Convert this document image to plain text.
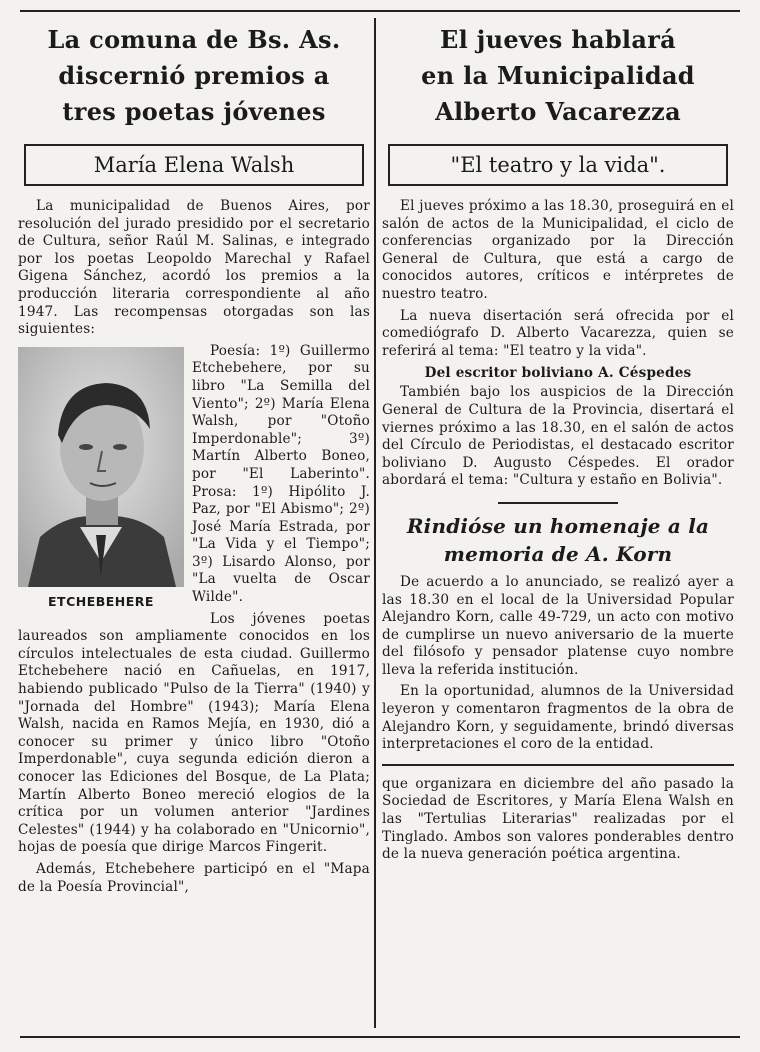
La comuna de Bs. As.
discernió premios a
tres poetas jóvenes
María Elena Walsh

La municipalidad de Buenos Aires, por resolución del jurado presidido por el secretario de Cultura, señor Raúl M. Salinas, e integrado por los poetas Leopoldo Marechal y Rafael Gigena Sánchez, acordó los premios a la producción literaria correspondiente al año 1947. Las recompensas otorgadas son las siguientes:

ETCHEBEHERE

Poesía: 1º) Guillermo Etchebehere, por su libro "La Semilla del Viento"; 2º) María Elena Walsh, por "Otoño Imperdonable"; 3º) Martín Alberto Boneo, por "El Laberinto". Prosa: 1º) Hipólito J. Paz, por "El Abismo"; 2º) José María Estrada, por "La Vida y el Tiempo"; 3º) Lisardo Alonso, por "La vuelta de Oscar Wilde".

Los jóvenes poetas laureados son ampliamente conocidos en los círculos intelectuales de esta ciudad. Guillermo Etchebehere nació en Cañuelas, en 1917, habiendo publicado "Pulso de la Tierra" (1940) y "Jornada del Hombre" (1943); María Elena Walsh, nacida en Ramos Mejía, en 1930, dió a conocer su primer y único libro "Otoño Imperdonable", cuya segunda edición dieron a conocer las Ediciones del Bosque, de La Plata; Martín Alberto Boneo mereció elogios de la crítica por un volumen anterior "Jardines Celestes" (1944) y ha colaborado en "Unicornio", hojas de poesía que dirige Marcos Fingerit.

Además, Etchebehere participó en el "Mapa de la Poesía Provincial",

El jueves hablará
en la Municipalidad
Alberto Vacarezza
"El teatro y la vida".

El jueves próximo a las 18.30, proseguirá en el salón de actos de la Municipalidad, el ciclo de conferencias organizado por la Dirección General de Cultura, que está a cargo de conocidos autores, críticos e intérpretes de nuestro teatro.

La nueva disertación será ofrecida por el comediógrafo D. Alberto Vacarezza, quien se referirá al tema: "El teatro y la vida".

Del escritor boliviano A. Céspedes

También bajo los auspicios de la Dirección General de Cultura de la Provincia, disertará el viernes próximo a las 18.30, en el salón de actos del Círculo de Periodistas, el destacado escritor boliviano D. Augusto Céspedes. El orador abordará el tema: "Cultura y estaño en Bolivia".

Rindióse un homenaje a la
memoria de A. Korn

De acuerdo a lo anunciado, se realizó ayer a las 18.30 en el local de la Universidad Popular Alejandro Korn, calle 49-729, un acto con motivo de cumplirse un nuevo aniversario de la muerte del filósofo y pensador platense cuyo nombre lleva la referida institución.

En la oportunidad, alumnos de la Universidad leyeron y comentaron fragmentos de la obra de Alejandro Korn, y seguidamente, brindó diversas interpretaciones el coro de la entidad.

que organizara en diciembre del año pasado la Sociedad de Escritores, y María Elena Walsh en las "Tertulias Literarias" realizadas por el Tinglado. Ambos son valores ponderables dentro de la nueva generación poética argentina.
